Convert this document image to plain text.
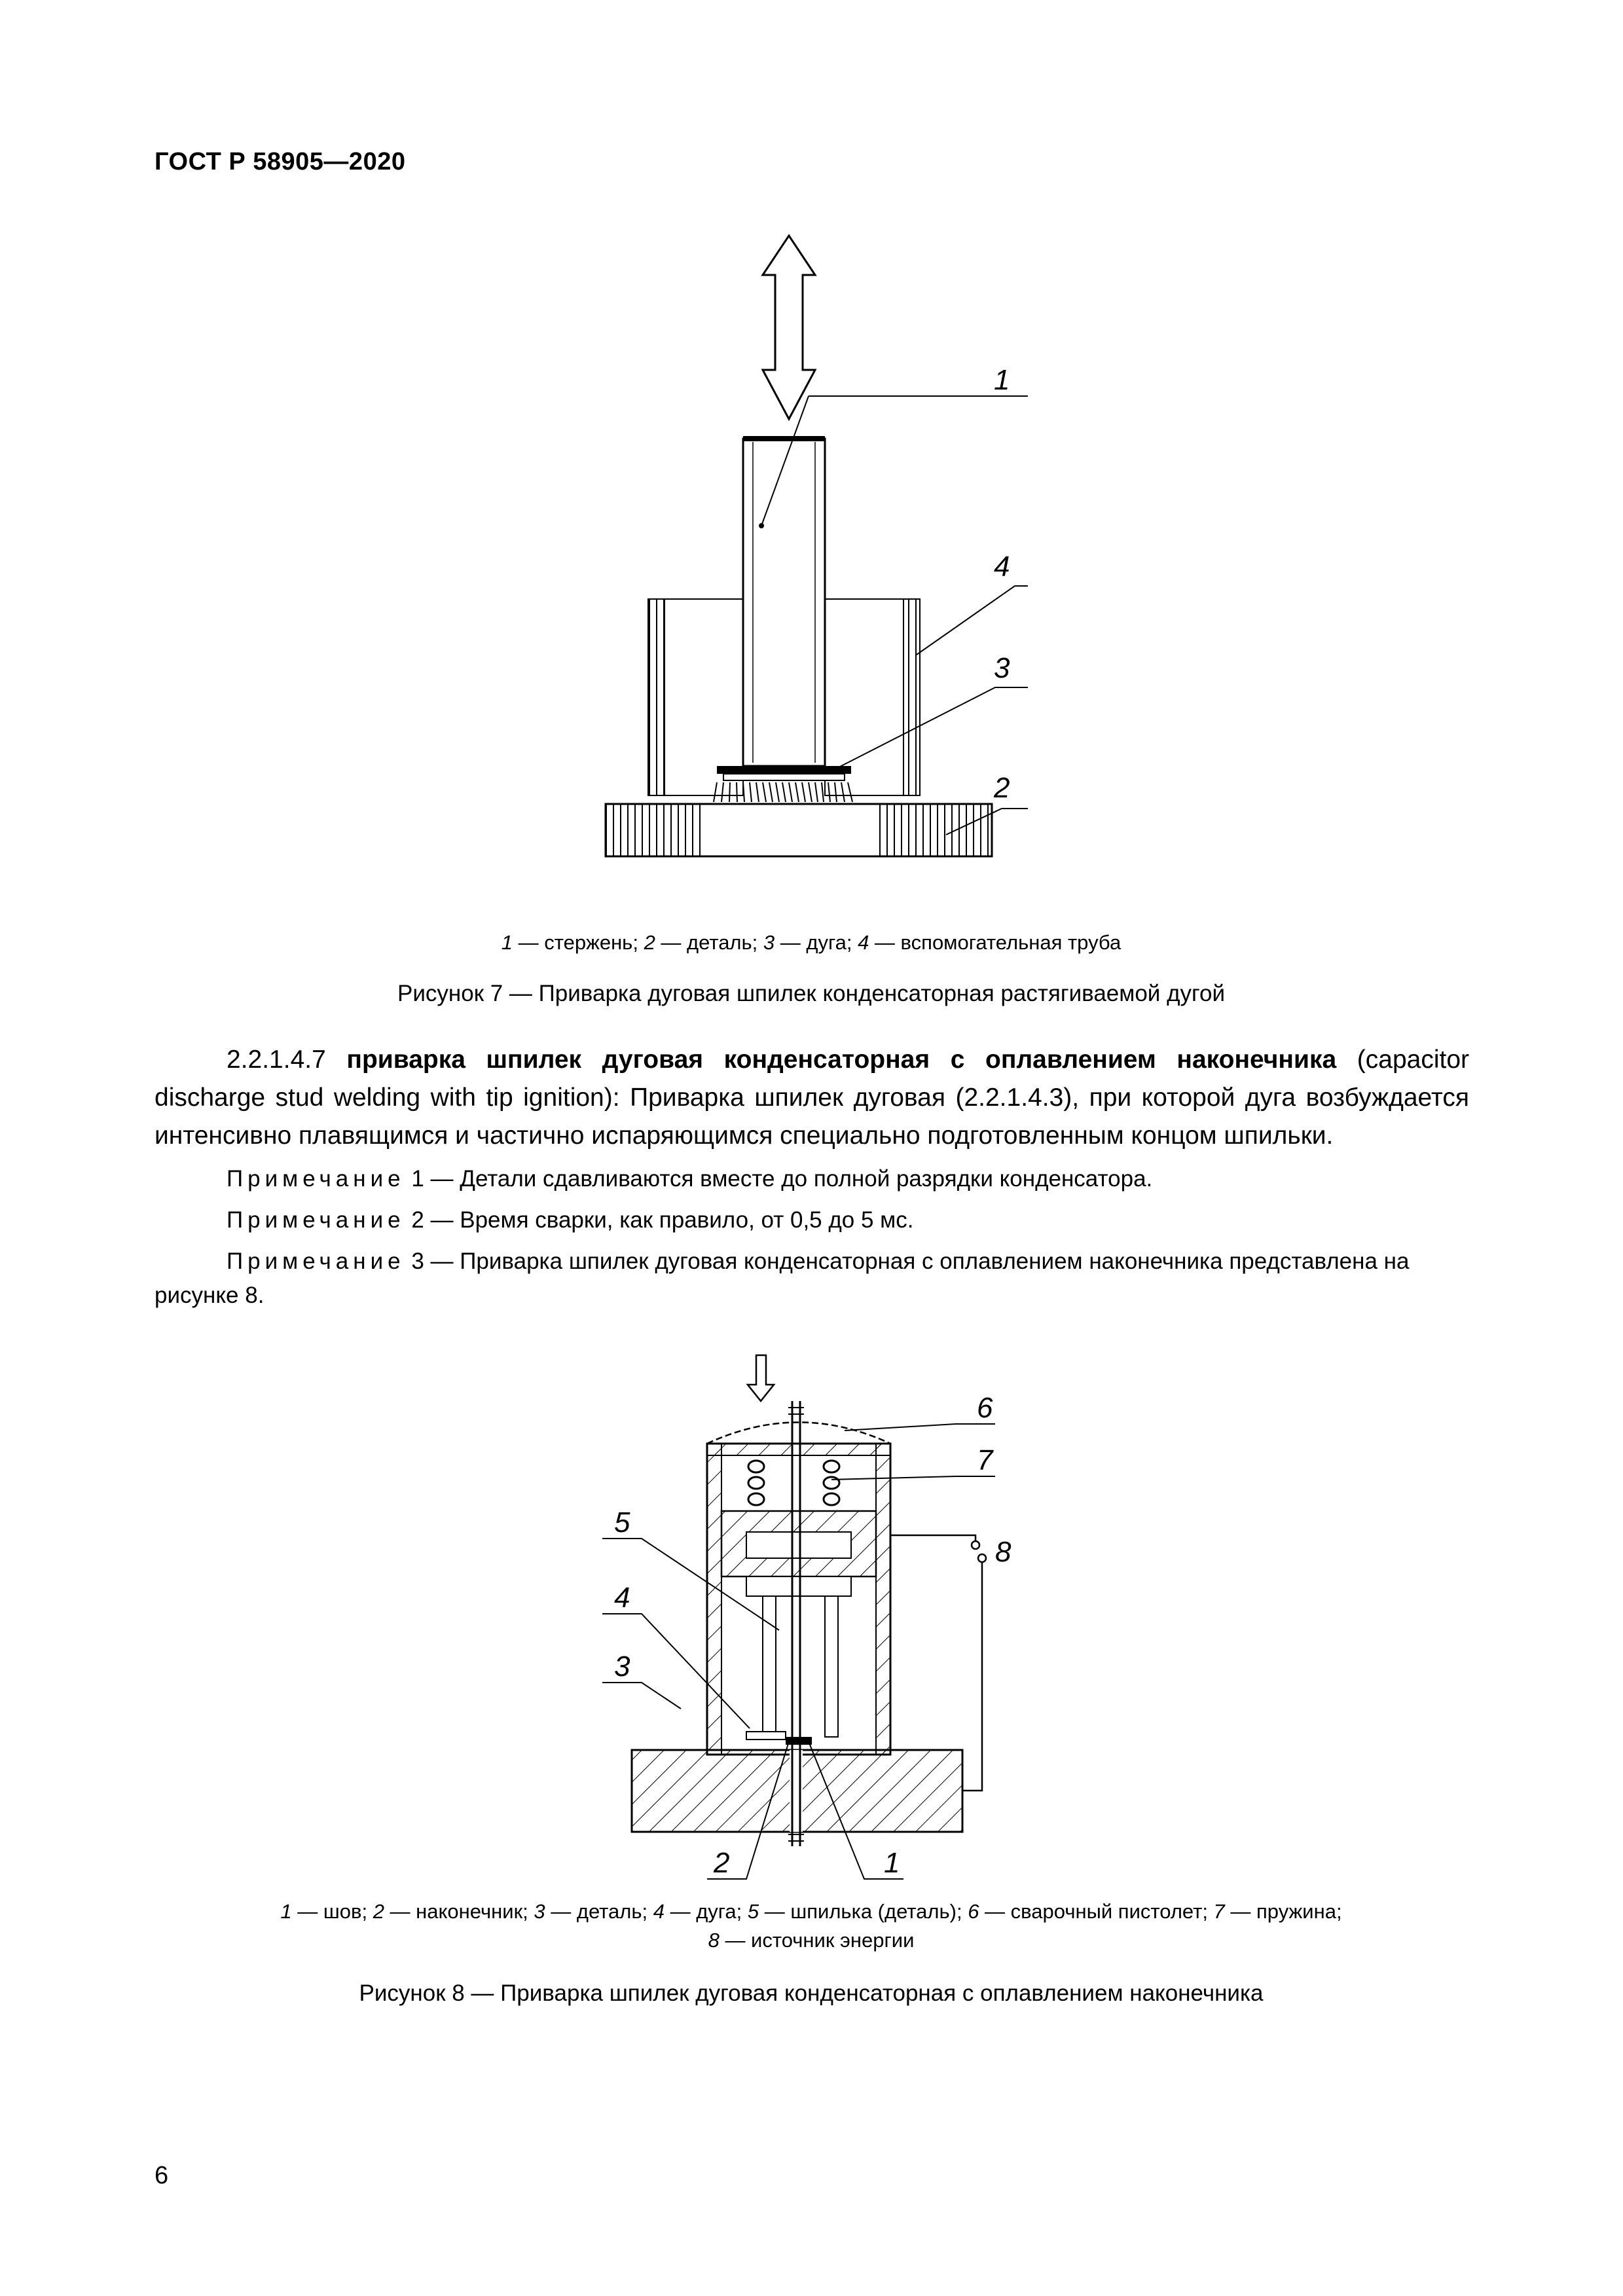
ГОСТ Р 58905—2020
1
4
3
2
1 — стержень; 2 — деталь; 3 — дуга; 4 — вспомогательная труба
Рисунок 7 — Приварка дуговая шпилек конденсаторная растягиваемой дугой
2.2.1.4.7 приварка шпилек дуговая конденсаторная с оплавлением наконечника (capacitor discharge stud welding with tip ignition): Приварка шпилек дуговая (2.2.1.4.3), при которой дуга возбуждается интенсивно плавящимся и частично испаряющимся специально подготовленным концом шпильки.
Примечание 1 — Детали сдавливаются вместе до полной разрядки конденсатора.
Примечание 2 — Время сварки, как правило, от 0,5 до 5 мс.
Примечание 3 — Приварка шпилек дуговая конденсаторная с оплавлением наконечника представлена на рисунке 8.
6
7
8
5
4
3
2	1
1 — шов; 2 — наконечник; 3 — деталь; 4 — дуга; 5 — шпилька (деталь); 6 — сварочный пистолет; 7 — пружина;
8 — источник энергии
Рисунок 8 — Приварка шпилек дуговая конденсаторная с оплавлением наконечника
6
